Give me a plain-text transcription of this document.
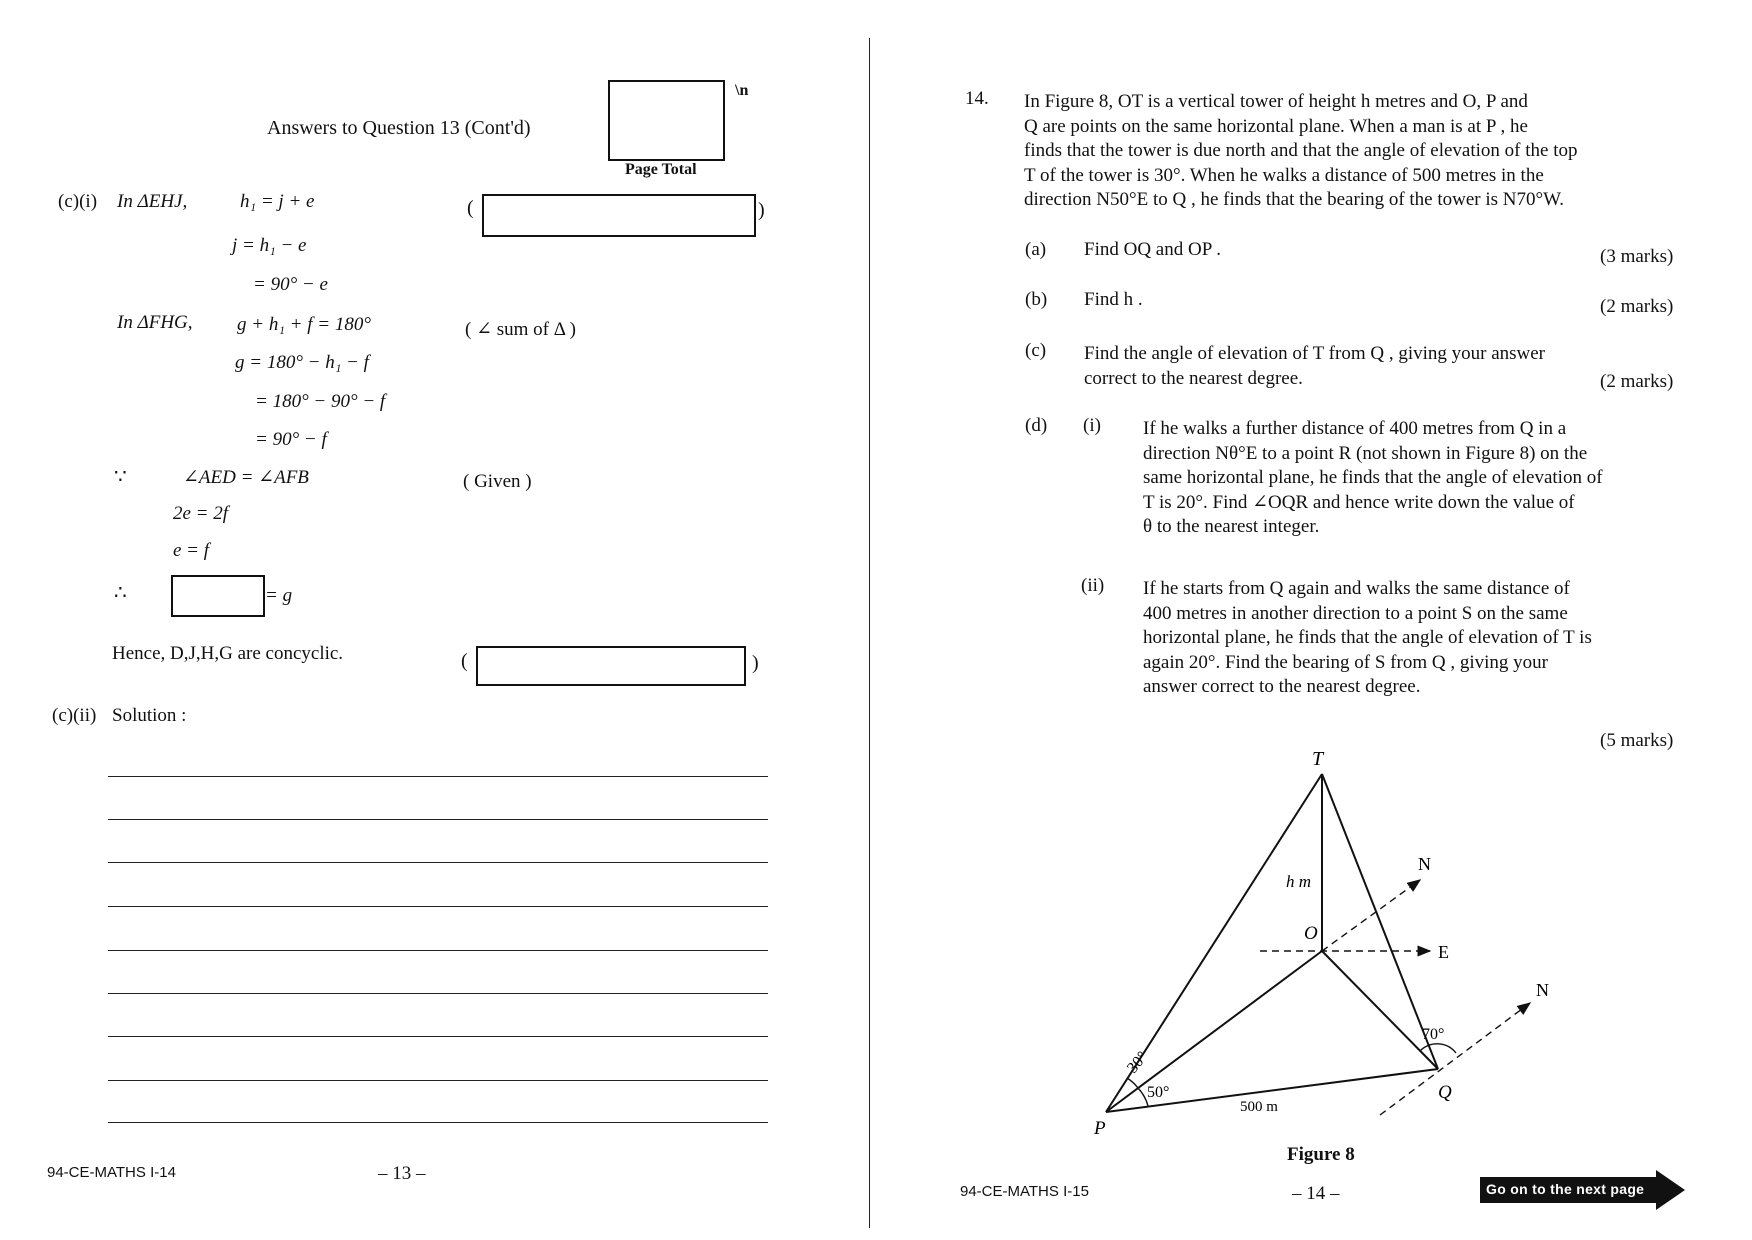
Answers to Question 13 (Cont'd)
\n
Page Total
(c)(i) In ΔEHJ,	h₁ = j + e	(	)
j = h₁ − e
= 90° − e
In ΔFHG, g + h₁ + f = 180°	( ∠ sum of Δ )
g = 180° − h₁ − f
= 180° − 90° − f
= 90° − f
∵	∠AED = ∠AFB	( Given )
2e = 2f
e = f
∴	= g
Hence, D,J,H,G are concyclic.	(	)
(c)(ii) Solution :
94-CE-MATHS I-14	– 13 –
14. In Figure 8, OT is a vertical tower of height h metres and O, P and
Q are points on the same horizontal plane. When a man is at P , he
finds that the tower is due north and that the angle of elevation of the top
T of the tower is 30°. When he walks a distance of 500 metres in the
direction N50°E to Q , he finds that the bearing of the tower is N70°W.
(a) Find OQ and OP .	(3 marks)
(b) Find h .	(2 marks)
(c) Find the angle of elevation of T from Q , giving your answer
correct to the nearest degree.	(2 marks)
(d) (i) If he walks a further distance of 400 metres from Q in a
direction Nθ°E to a point R (not shown in Figure 8) on the
same horizontal plane, he finds that the angle of elevation of
T is 20°. Find ∠OQR and hence write down the value of
θ to the nearest integer.
(ii) If he starts from Q again and walks the same distance of
400 metres in another direction to a point S on the same
horizontal plane, he finds that the angle of elevation of T is
again 20°. Find the bearing of S from Q , giving your
answer correct to the nearest degree.
(5 marks)
T
O
P
Q
N
N
E
h m
30°
50°
70°
500 m
Figure 8
94-CE-MATHS I-15	– 14 –	Go on to the next page
